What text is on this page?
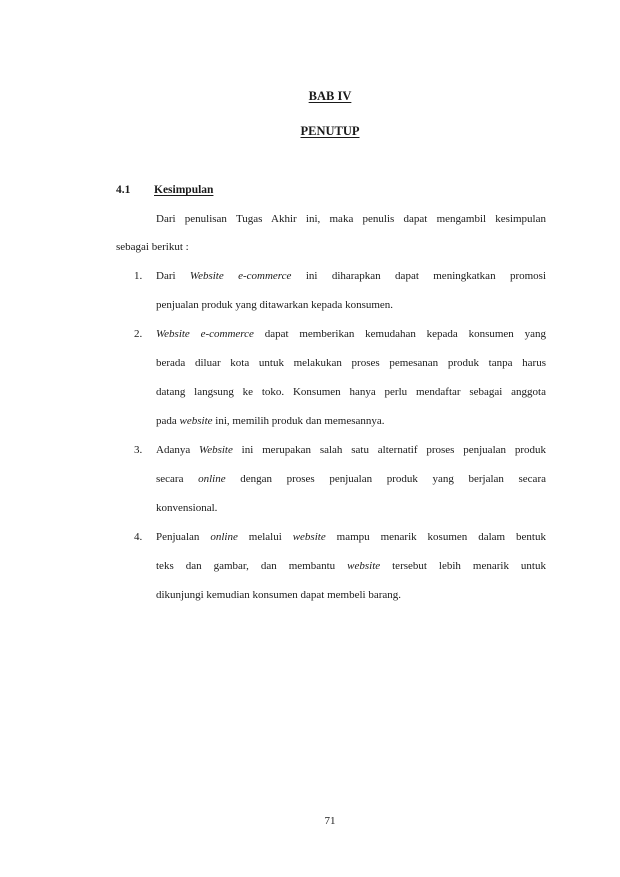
BAB IV
PENUTUP
4.1 Kesimpulan
Dari penulisan Tugas Akhir ini, maka penulis dapat mengambil kesimpulan
sebagai berikut :
1. Dari Website e-commerce ini diharapkan dapat meningkatkan promosi
penjualan produk yang ditawarkan kepada konsumen.
2. Website e-commerce dapat memberikan kemudahan kepada konsumen yang
berada diluar kota untuk melakukan proses pemesanan produk tanpa harus
datang langsung ke toko. Konsumen hanya perlu mendaftar sebagai anggota
pada website ini, memilih produk dan memesannya.
3. Adanya Website ini merupakan salah satu alternatif proses penjualan produk
secara online dengan proses penjualan produk yang berjalan secara
konvensional.
4. Penjualan online melalui website mampu menarik kosumen dalam bentuk
teks dan gambar, dan membantu website tersebut lebih menarik untuk
dikunjungi kemudian konsumen dapat membeli barang.
71
